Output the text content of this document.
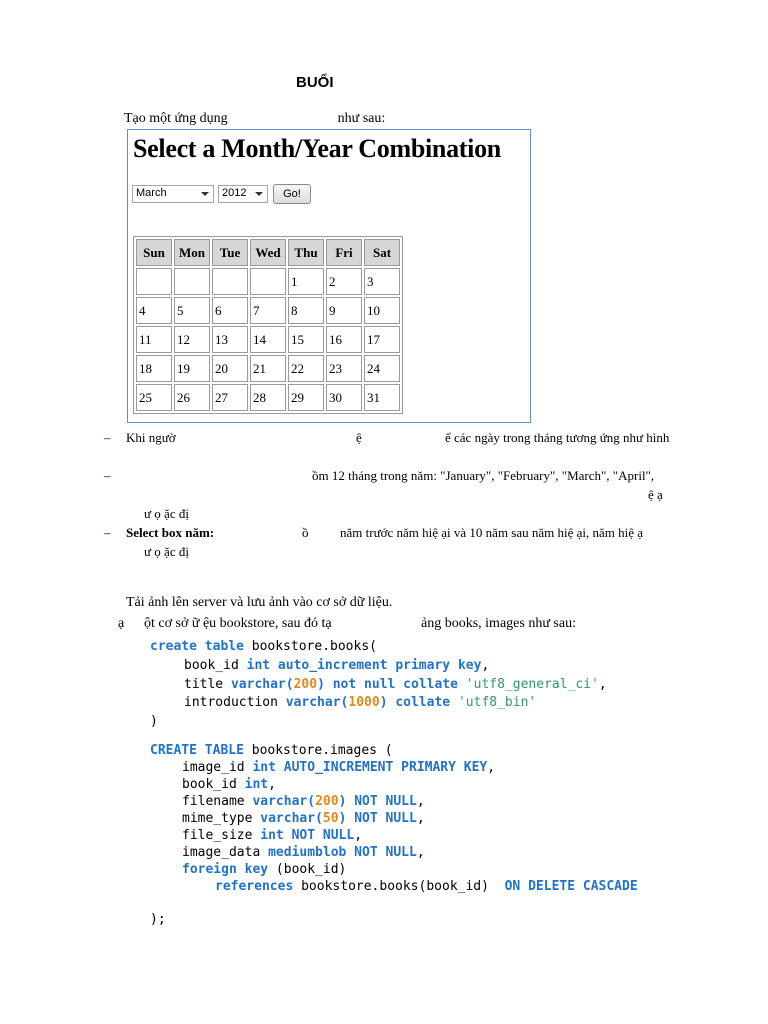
BUỔI
Tạo một ứng dụng	như sau:
Select a Month/Year Combination
March	2012	Go!
Sun	Mon	Tue	Wed	Thu	Fri	Sat
				1	2	3
4	5	6	7	8	9	10
11	12	13	14	15	16	17
18	19	20	21	22	23	24
25	26	27	28	29	30	31
– Khi ngườ	ệ	ể các ngày trong tháng tương ứng như hình
–	ồm 12 tháng trong năm: "January", "February", "March", "April",
ệ ạ
ư ọ ặc đị
– Select box năm:	ồ năm trước năm hiệ ại và 10 năm sau năm hiệ ại, năm hiệ ạ
ư ọ ặc đị
Tải ảnh lên server và lưu ảnh vào cơ sở dữ liệu.
ạ ột cơ sở ữ ệu bookstore, sau đó tạ	ảng books, images như sau:
create table bookstore.books(
book_id int auto_increment primary key,
title varchar(200) not null collate 'utf8_general_ci',
introduction varchar(1000) collate 'utf8_bin'
)
CREATE TABLE bookstore.images (
image_id int AUTO_INCREMENT PRIMARY KEY,
book_id int,
filename varchar(200) NOT NULL,
mime_type varchar(50) NOT NULL,
file_size int NOT NULL,
image_data mediumblob NOT NULL,
foreign key (book_id)
references bookstore.books(book_id)  ON DELETE CASCADE
);
